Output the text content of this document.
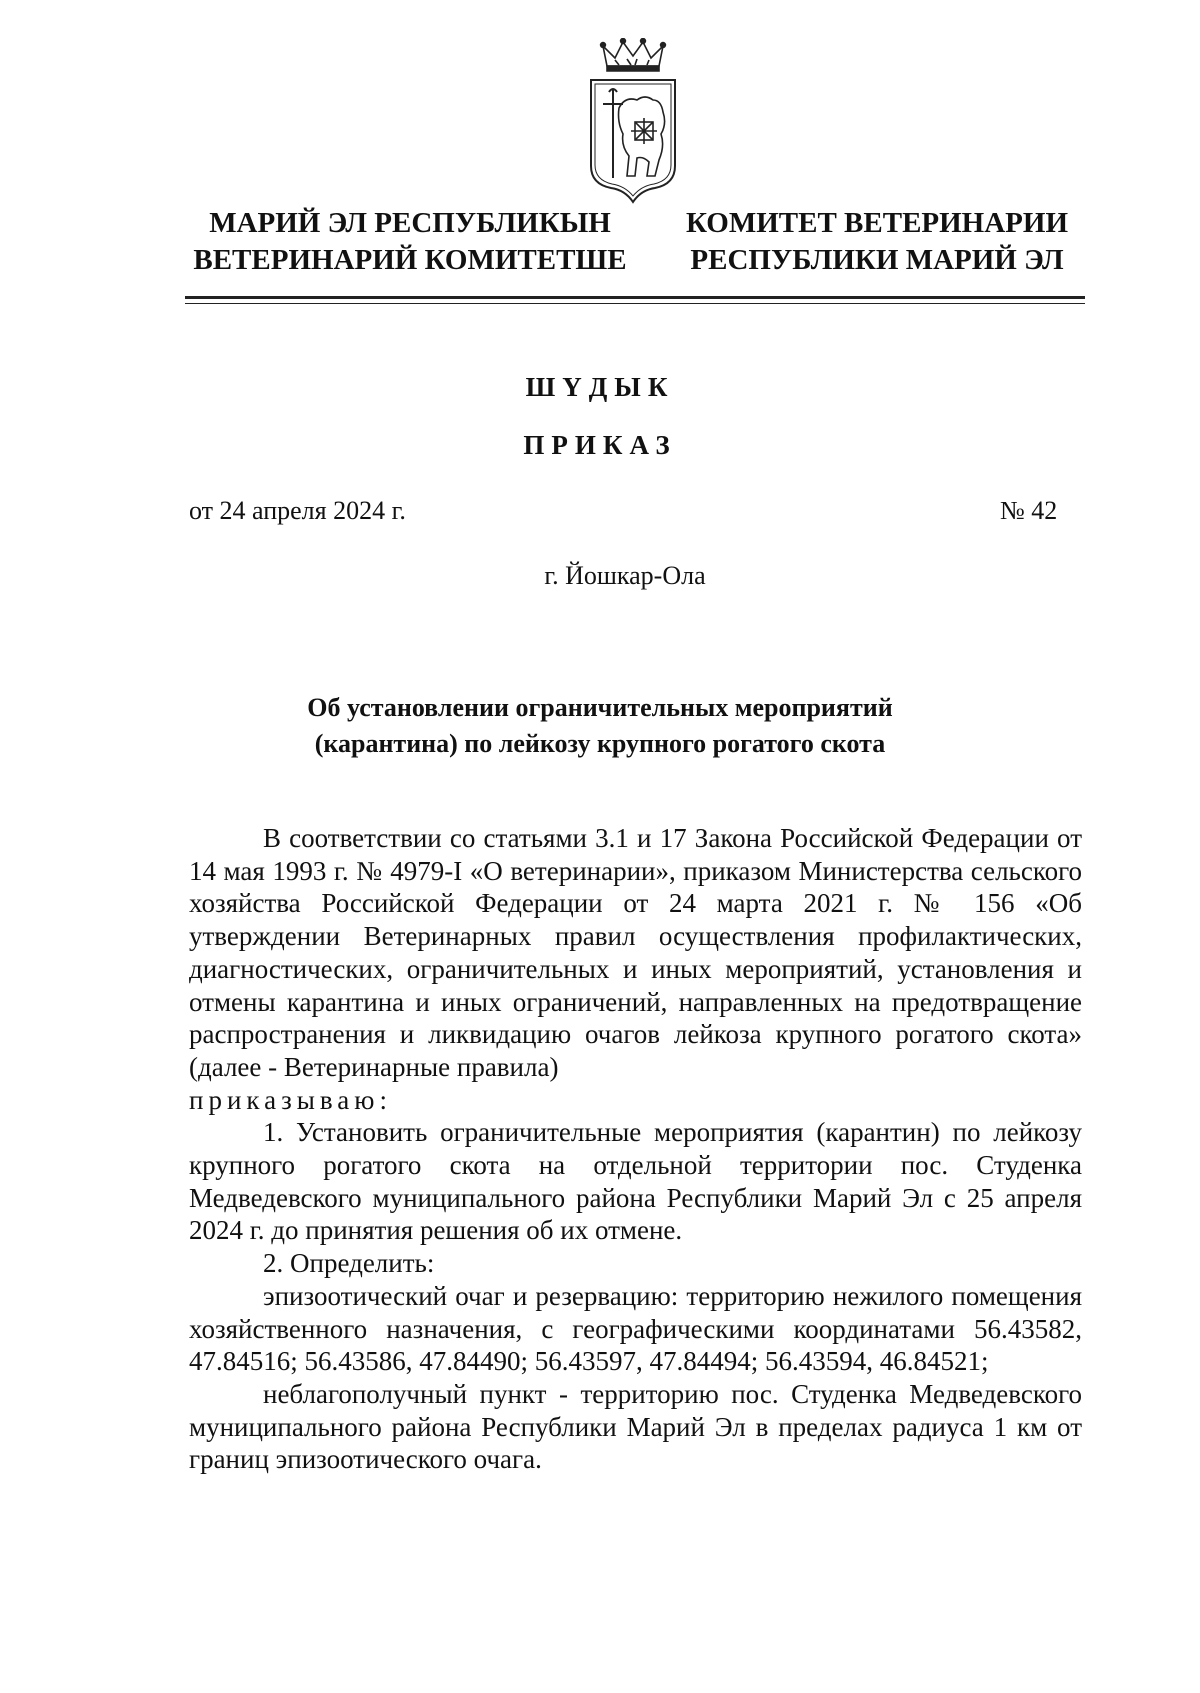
МАРИЙ ЭЛ РЕСПУБЛИКЫН
ВЕТЕРИНАРИЙ КОМИТЕТШЕ
КОМИТЕТ ВЕТЕРИНАРИИ
РЕСПУБЛИКИ МАРИЙ ЭЛ
ШҮДЫК
ПРИКАЗ
от 24 апреля 2024 г.	№ 42
г. Йошкар-Ола
Об установлении ограничительных мероприятий
(карантина) по лейкозу крупного рогатого скота

В соответствии со статьями 3.1 и 17 Закона Российской Федерации от 14 мая 1993 г. № 4979-I «О ветеринарии», приказом Министерства сельского хозяйства Российской Федерации от 24 марта 2021 г. № 156 «Об утверждении Ветеринарных правил осуществления профилактических, диагностических, ограничительных и иных мероприятий, установления и отмены карантина и иных ограничений, направленных на предотвращение распространения и ликвидацию очагов лейкоза крупного рогатого скота» (далее - Ветеринарные правила)

приказываю:

1. Установить ограничительные мероприятия (карантин) по лейкозу крупного рогатого скота на отдельной территории пос. Студенка Медведевского муниципального района Республики Марий Эл с 25 апреля 2024 г. до принятия решения об их отмене.

2. Определить:

эпизоотический очаг и резервацию: территорию нежилого помещения хозяйственного назначения, с географическими координатами 56.43582, 47.84516; 56.43586, 47.84490; 56.43597, 47.84494; 56.43594, 46.84521;

неблагополучный пункт - территорию пос. Студенка Медведевского муниципального района Республики Марий Эл в пределах радиуса 1 км от границ эпизоотического очага.
